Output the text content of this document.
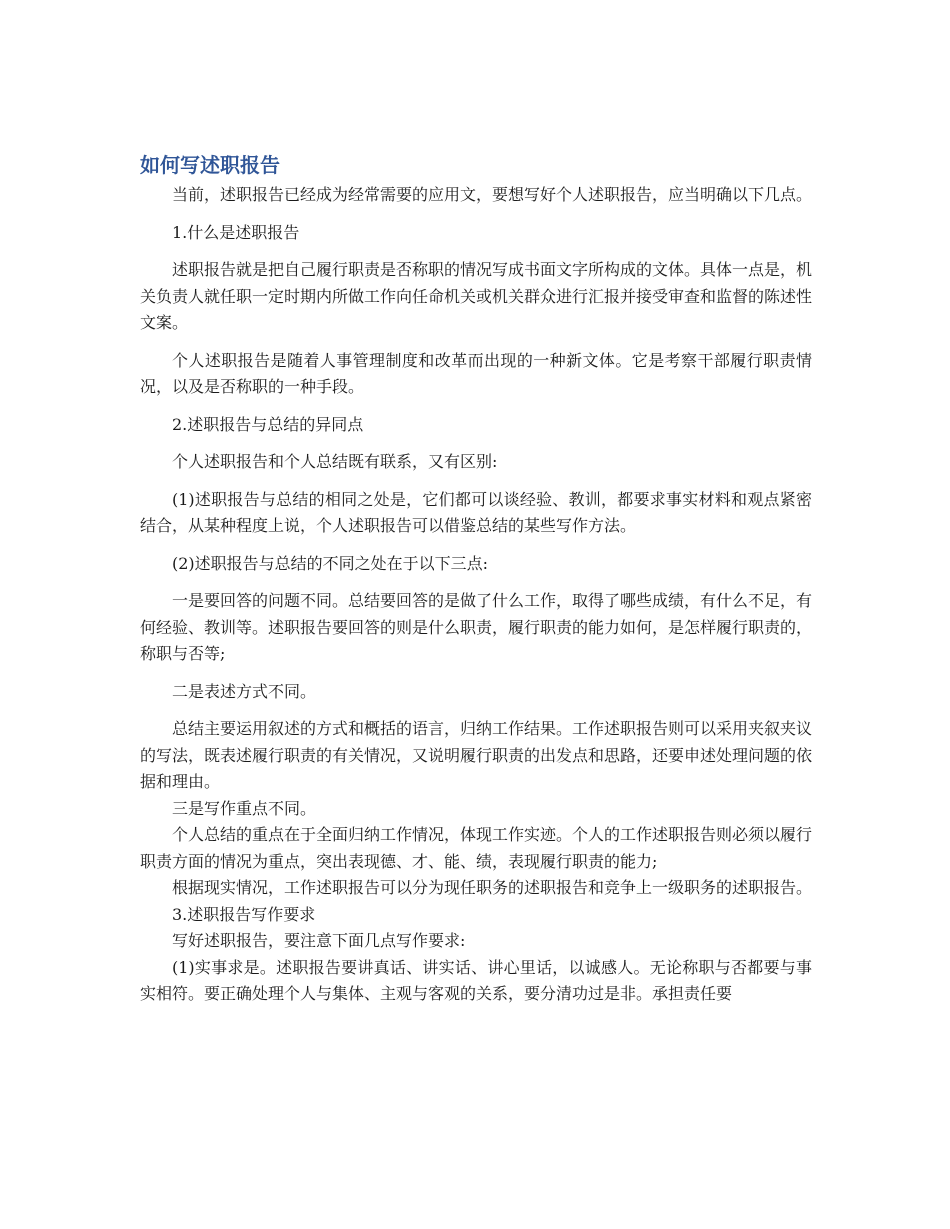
如何写述职报告

当前，述职报告已经成为经常需要的应用文，要想写好个人述职报告，应当明确以下几点。

1.什么是述职报告

述职报告就是把自己履行职责是否称职的情况写成书面文字所构成的文体。具体一点是，机关负责人就任职一定时期内所做工作向任命机关或机关群众进行汇报并接受审查和监督的陈述性文案。

个人述职报告是随着人事管理制度和改革而出现的一种新文体。它是考察干部履行职责情况，以及是否称职的一种手段。

2.述职报告与总结的异同点

个人述职报告和个人总结既有联系，又有区别:

(1)述职报告与总结的相同之处是，它们都可以谈经验、教训，都要求事实材料和观点紧密结合，从某种程度上说，个人述职报告可以借鉴总结的某些写作方法。

(2)述职报告与总结的不同之处在于以下三点:

一是要回答的问题不同。总结要回答的是做了什么工作，取得了哪些成绩，有什么不足，有何经验、教训等。述职报告要回答的则是什么职责，履行职责的能力如何，是怎样履行职责的，称职与否等;

二是表述方式不同。

总结主要运用叙述的方式和概括的语言，归纳工作结果。工作述职报告则可以采用夹叙夹议的写法，既表述履行职责的有关情况，又说明履行职责的出发点和思路，还要申述处理问题的依据和理由。

三是写作重点不同。

个人总结的重点在于全面归纳工作情况，体现工作实迹。个人的工作述职报告则必须以履行职责方面的情况为重点，突出表现德、才、能、绩，表现履行职责的能力;

根据现实情况，工作述职报告可以分为现任职务的述职报告和竞争上一级职务的述职报告。

3.述职报告写作要求

写好述职报告，要注意下面几点写作要求:

(1)实事求是。述职报告要讲真话、讲实话、讲心里话，以诚感人。无论称职与否都要与事实相符。要正确处理个人与集体、主观与客观的关系，要分清功过是非。承担责任要
